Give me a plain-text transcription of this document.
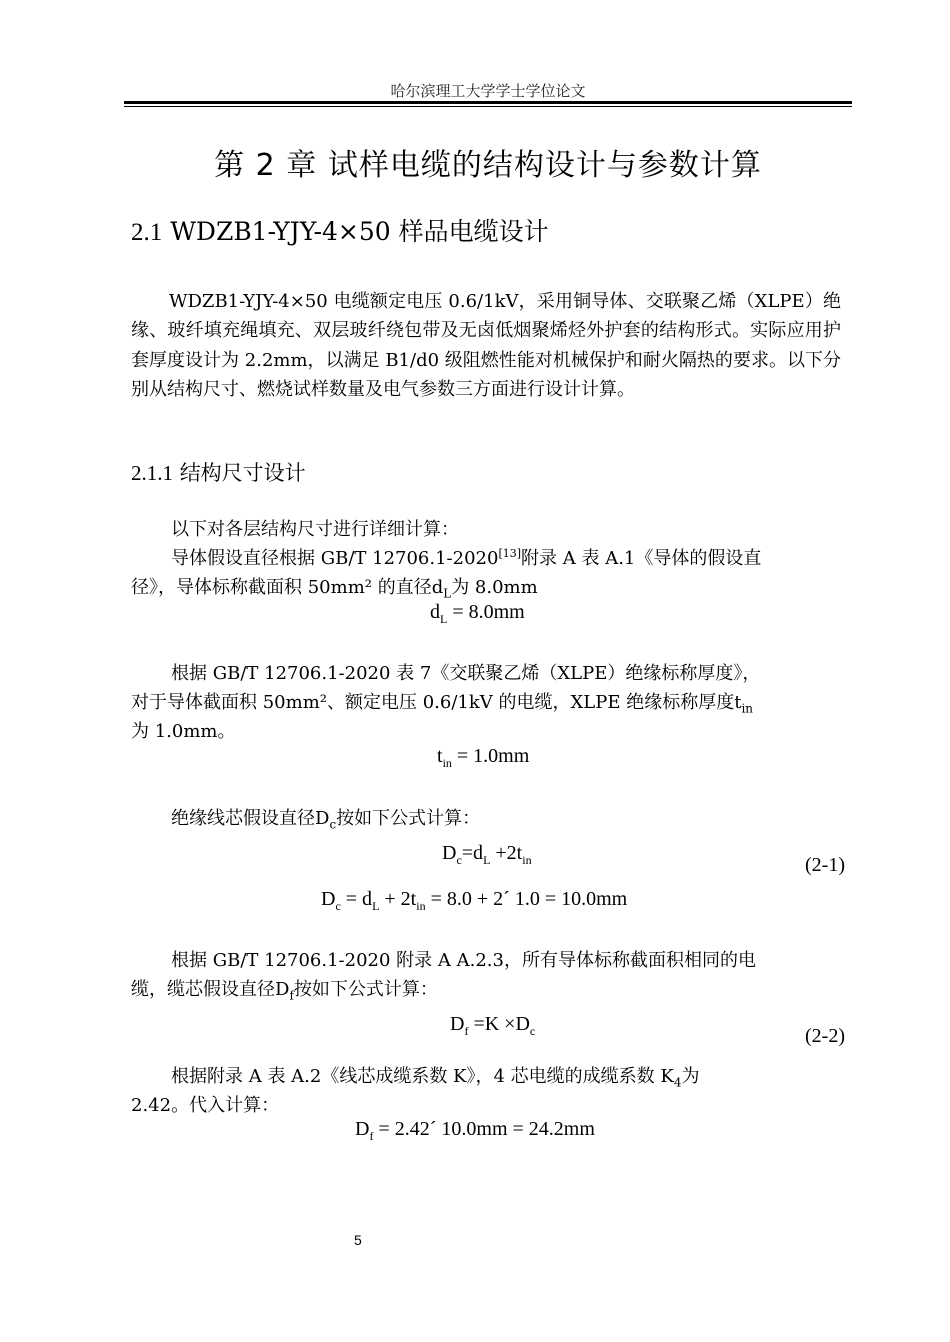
哈尔滨理工大学学士学位论文
第 2 章 试样电缆的结构设计与参数计算
2.1 WDZB1-YJY-4×50 样品电缆设计
WDZB1-YJY-4×50 电缆额定电压 0.6/1kV，采用铜导体、交联聚乙烯（XLPE）绝缘、玻纤填充绳填充、双层玻纤绕包带及无卤低烟聚烯烃外护套的结构形式。实际应用护套厚度设计为 2.2mm，以满足 B1/d0 级阻燃性能对机械保护和耐火隔热的要求。以下分别从结构尺寸、燃烧试样数量及电气参数三方面进行设计计算。
2.1.1 结构尺寸设计
以下对各层结构尺寸进行详细计算：
导体假设直径根据 GB/T 12706.1-2020[13]附录 A 表 A.1《导体的假设直
径》，导体标称截面积 50mm² 的直径$d_L$为 8.0mm
$d_L = 8.0mm$
根据 GB/T 12706.1-2020 表 7《交联聚乙烯（XLPE）绝缘标称厚度》，
对于导体截面积 50mm²、额定电压 0.6/1kV 的电缆，XLPE 绝缘标称厚度$t_{in}$
为 1.0mm。
$t_{in} = 1.0mm$
绝缘线芯假设直径$D_c$按如下公式计算：
$D_c=d_L +2t_{in}$	(2-1)
$D_c = d_L + 2t_{in} = 8.0$ + 2´ 1.0 = 10.0mm
根据 GB/T 12706.1-2020 附录 A A.2.3，所有导体标称截面积相同的电
缆，缆芯假设直径$D_f$按如下公式计算：
$D_f =K \times D_c$	(2-2)
根据附录 A 表 A.2《线芯成缆系数 K》，4 芯电缆的成缆系数 $K_4$为
2.42。代入计算：
$D_f$ = 2.42´ 10.0mm = 24.2mm
5
